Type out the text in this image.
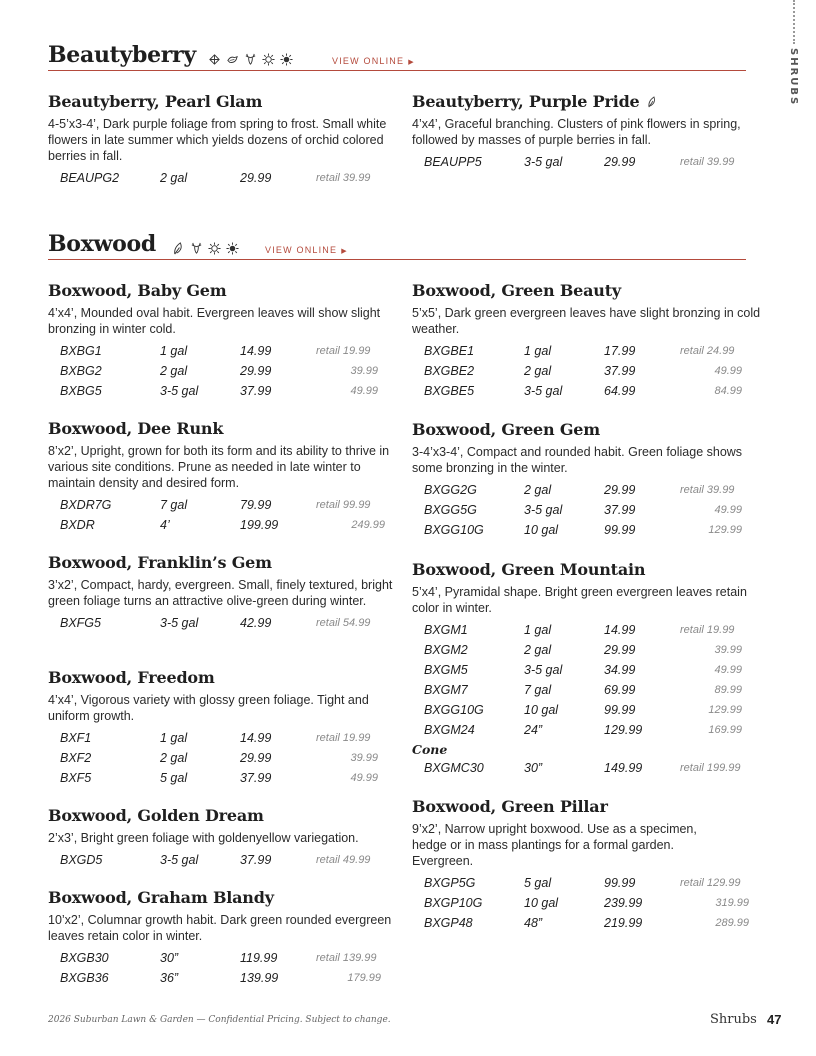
SHRUBS
Beautyberry	VIEW ONLINE ▶
Beautyberry, Pearl Glam
4-5’x3-4’, Dark purple foliage from spring to frost. Small white flowers in late summer which yields dozens of orchid colored berries in fall.
BEAUPG2	2 gal	29.99	retail 39.99
Beautyberry, Purple Pride
4’x4’, Graceful branching. Clusters of pink flowers in spring, followed by masses of purple berries in fall.
BEAUPP5	3-5 gal	29.99	retail 39.99
Boxwood	VIEW ONLINE ▶
Boxwood, Baby Gem
4’x4’, Mounded oval habit. Evergreen leaves will show slight bronzing in winter cold.
BXBG1	1 gal	14.99	retail 19.99
BXBG2	2 gal	29.99	39.99
BXBG5	3-5 gal	37.99	49.99
Boxwood, Dee Runk
8’x2’, Upright, grown for both its form and its ability to thrive in various site conditions. Prune as needed in late winter to maintain density and desired form.
BXDR7G	7 gal	79.99	retail 99.99
BXDR	4’	199.99	249.99
Boxwood, Franklin’s Gem
3’x2’, Compact, hardy, evergreen. Small, finely textured, bright green foliage turns an attractive olive-green during winter.
BXFG5	3-5 gal	42.99	retail 54.99
Boxwood, Freedom
4’x4’, Vigorous variety with glossy green foliage. Tight and uniform growth.
BXF1	1 gal	14.99	retail 19.99
BXF2	2 gal	29.99	39.99
BXF5	5 gal	37.99	49.99
Boxwood, Golden Dream
2’x3’, Bright green foliage with goldenyellow variegation.
BXGD5	3-5 gal	37.99	retail 49.99
Boxwood, Graham Blandy
10’x2’, Columnar growth habit. Dark green rounded evergreen leaves retain color in winter.
BXGB30	30”	119.99	retail 139.99
BXGB36	36”	139.99	179.99
Boxwood, Green Beauty
5’x5’, Dark green evergreen leaves have slight bronzing in cold weather.
BXGBE1	1 gal	17.99	retail 24.99
BXGBE2	2 gal	37.99	49.99
BXGBE5	3-5 gal	64.99	84.99
Boxwood, Green Gem
3-4’x3-4’, Compact and rounded habit. Green foliage shows some bronzing in the winter.
BXGG2G	2 gal	29.99	retail 39.99
BXGG5G	3-5 gal	37.99	49.99
BXGG10G	10 gal	99.99	129.99
Boxwood, Green Mountain
5’x4’, Pyramidal shape. Bright green evergreen leaves retain color in winter.
BXGM1	1 gal	14.99	retail 19.99
BXGM2	2 gal	29.99	39.99
BXGM5	3-5 gal	34.99	49.99
BXGM7	7 gal	69.99	89.99
BXGG10G	10 gal	99.99	129.99
BXGM24	24”	129.99	169.99
Cone
BXGMC30	30”	149.99	retail 199.99
Boxwood, Green Pillar
9’x2’, Narrow upright boxwood. Use as a specimen, hedge or in mass plantings for a formal garden. Evergreen.
BXGP5G	5 gal	99.99	retail 129.99
BXGP10G	10 gal	239.99	319.99
BXGP48	48”	219.99	289.99
2026 Suburban Lawn & Garden — Confidential Pricing. Subject to change.	Shrubs 47
